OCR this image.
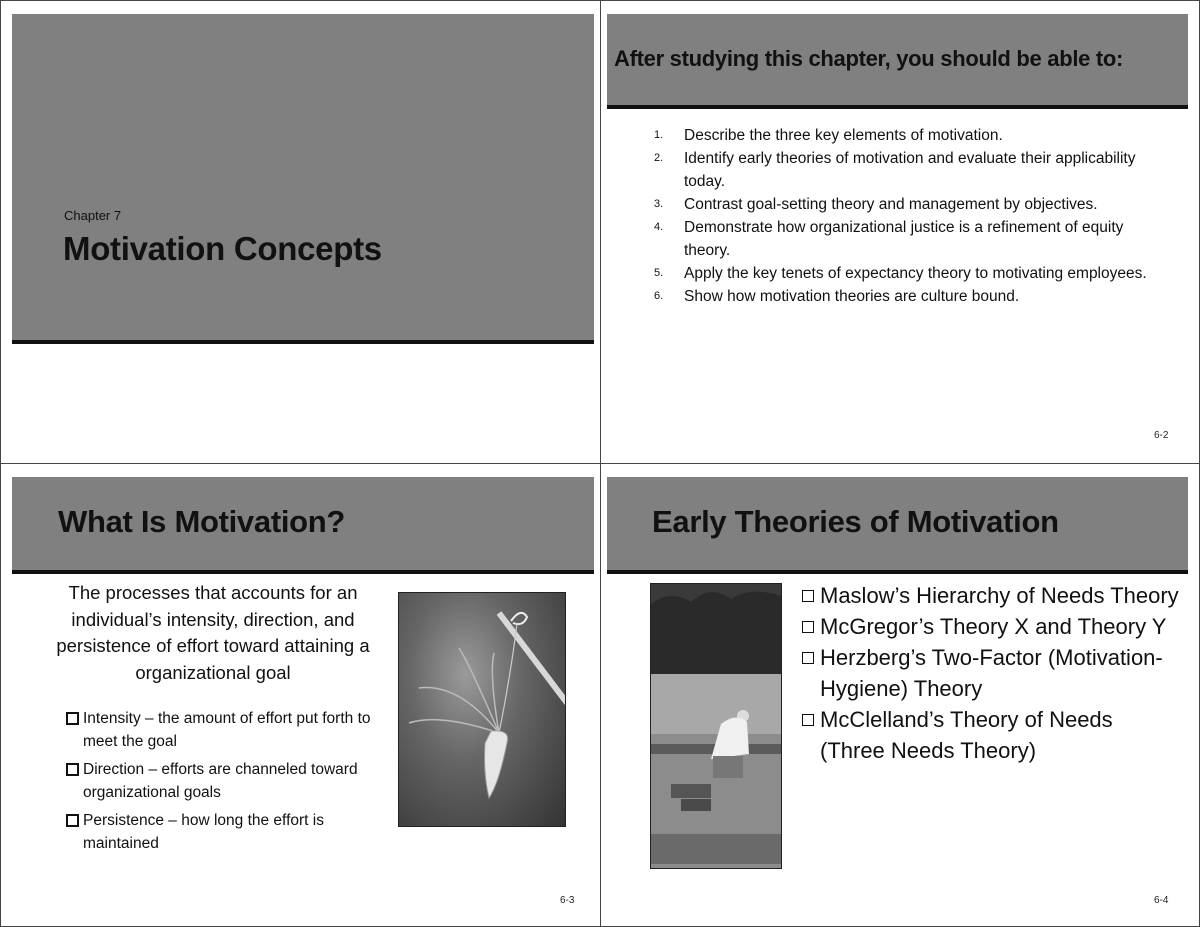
Chapter 7
Motivation Concepts
After studying this chapter, you should be able to:
1. Describe the three key elements of motivation.
2. Identify early theories of motivation and evaluate their applicability today.
3. Contrast goal-setting theory and management by objectives.
4. Demonstrate how organizational justice is a refinement of equity theory.
5. Apply the key tenets of expectancy theory to motivating employees.
6. Show how motivation theories are culture bound.
6-2
What Is Motivation?
The processes that accounts for an individual’s intensity, direction, and persistence of effort toward attaining a organizational goal
Intensity – the amount of effort put forth to meet the goal
Direction – efforts are channeled toward organizational goals
Persistence – how long the effort is maintained
6-3
Early Theories of Motivation
Maslow’s Hierarchy of Needs Theory
McGregor’s Theory X and Theory Y
Herzberg’s Two-Factor (Motivation-Hygiene) Theory
McClelland’s Theory of Needs (Three Needs Theory)
6-4
